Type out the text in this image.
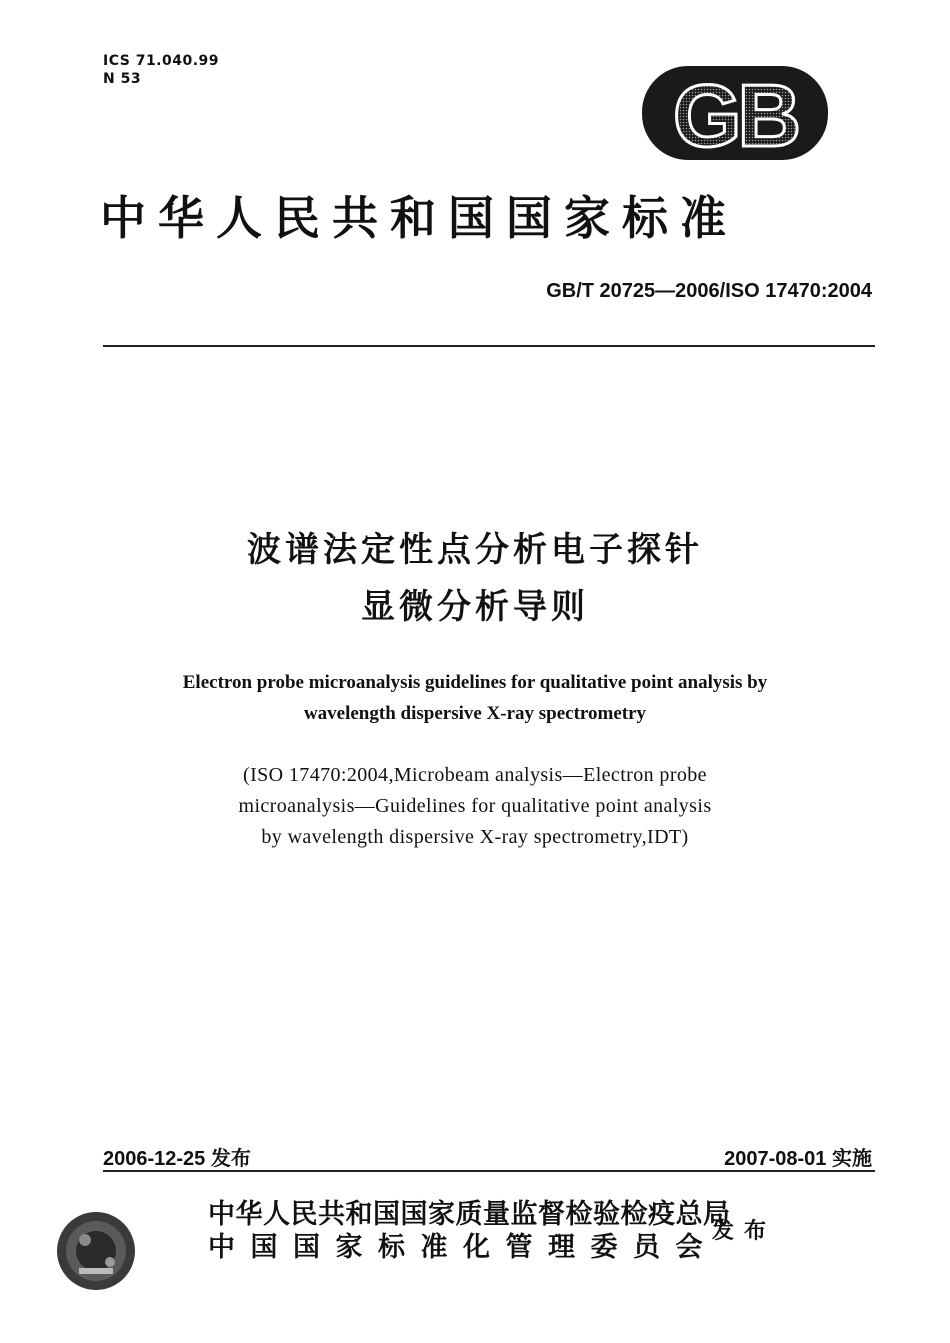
ICS 71.040.99
N 53	GB
中华人民共和国国家标准
GB/T 20725—2006/ISO 17470:2004
波谱法定性点分析电子探针
显微分析导则
Electron probe microanalysis guidelines for qualitative point analysis by
wavelength dispersive X-ray spectrometry
(ISO 17470:2004,Microbeam analysis—Electron probe
microanalysis—Guidelines for qualitative point analysis
by wavelength dispersive X-ray spectrometry,IDT)
2006-12-25 发布	2007-08-01 实施
中华人民共和国国家质量监督检验检疫总局
中国国家标准化管理委员会
发布
